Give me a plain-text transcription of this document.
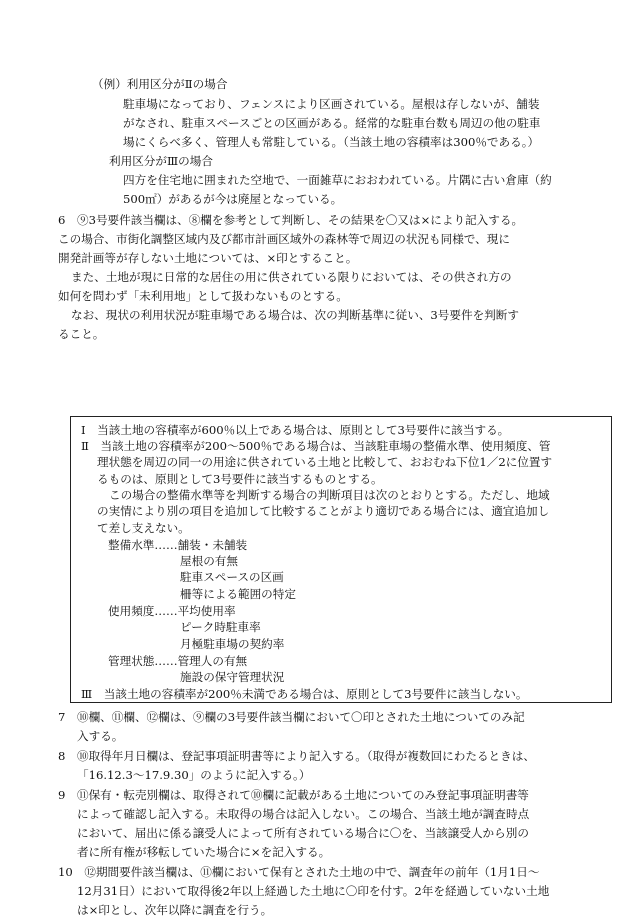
（例）利用区分がⅡの場合
駐車場になっており、フェンスにより区画されている。屋根は存しないが、舗装
がなされ、駐車スペースごとの区画がある。経常的な駐車台数も周辺の他の駐車
場にくらべ多く、管理人も常駐している。（当該土地の容積率は300％である。）
利用区分がⅢの場合
四方を住宅地に囲まれた空地で、一面雑草におおわれている。片隅に古い倉庫（約
500㎡）があるが今は廃屋となっている。
6　⑨3号要件該当欄は、⑧欄を参考として判断し、その結果を〇又は×により記入する。
この場合、市街化調整区域内及び都市計画区域外の森林等で周辺の状況も同様で、現に
開発計画等が存しない土地については、×印とすること。
また、土地が現に日常的な居住の用に供されている限りにおいては、その供され方の
如何を問わず「未利用地」として扱わないものとする。
なお、現状の利用状況が駐車場である場合は、次の判断基準に従い、3号要件を判断す
ること。
Ⅰ　当該土地の容積率が600％以上である場合は、原則として3号要件に該当する。
Ⅱ　当該土地の容積率が200～500％である場合は、当該駐車場の整備水準、使用頻度、管
理状態を周辺の同一の用途に供されている土地と比較して、おおむね下位1／2に位置す
るものは、原則として3号要件に該当するものとする。
この場合の整備水準等を判断する場合の判断項目は次のとおりとする。ただし、地域
の実情により別の項目を追加して比較することがより適切である場合には、適宜追加し
て差し支えない。
整備水準……舗装・未舗装
屋根の有無
駐車スペースの区画
柵等による範囲の特定
使用頻度……平均使用率
ピーク時駐車率
月極駐車場の契約率
管理状態……管理人の有無
施設の保守管理状況
Ⅲ　当該土地の容積率が200％未満である場合は、原則として3号要件に該当しない。
7　⑩欄、⑪欄、⑫欄は、⑨欄の3号要件該当欄において〇印とされた土地についてのみ記
入する。
8　⑩取得年月日欄は、登記事項証明書等により記入する。（取得が複数回にわたるときは、
「16.12.3～17.9.30」のように記入する。）
9　⑪保有・転売別欄は、取得されて⑩欄に記載がある土地についてのみ登記事項証明書等
によって確認し記入する。未取得の場合は記入しない。この場合、当該土地が調査時点
において、届出に係る譲受人によって所有されている場合に〇を、当該譲受人から別の
者に所有権が移転していた場合に×を記入する。
10　⑫期間要件該当欄は、⑪欄において保有とされた土地の中で、調査年の前年（1月1日～
12月31日）において取得後2年以上経過した土地に〇印を付す。2年を経過していない土地
は×印とし、次年以降に調査を行う。
